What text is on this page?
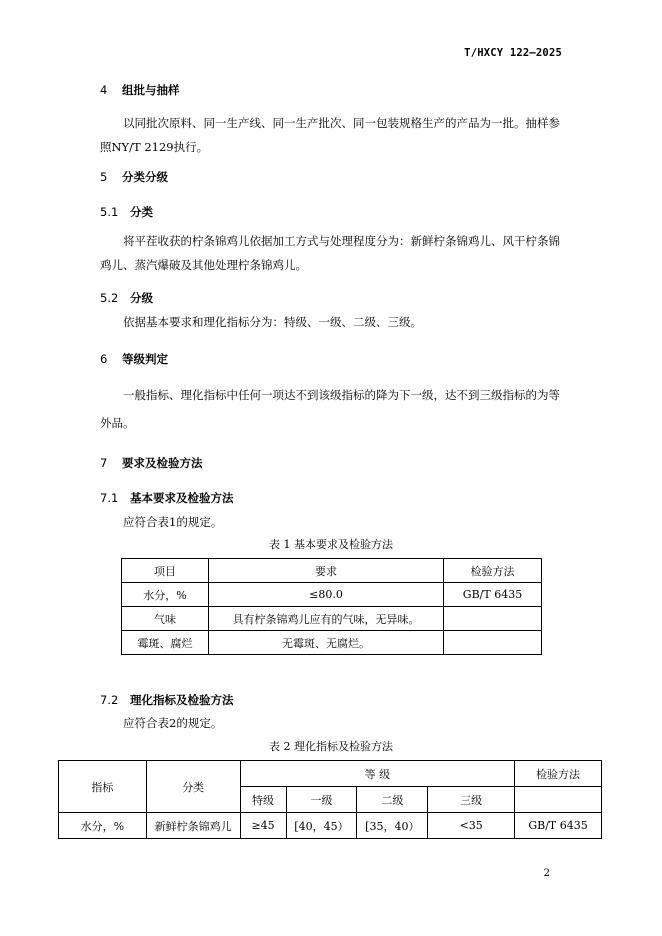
T/HXCY 122—2025
4 组批与抽样
以同批次原料、同一生产线、同一生产批次、同一包装规格生产的产品为一批。抽样参
照NY/T 2129执行。
5 分类分级
5.1 分类
将平茬收获的柠条锦鸡儿依据加工方式与处理程度分为：新鲜柠条锦鸡儿、风干柠条锦
鸡儿、蒸汽爆破及其他处理柠条锦鸡儿。
5.2 分级
依据基本要求和理化指标分为：特级、一级、二级、三级。
6 等级判定
一般指标、理化指标中任何一项达不到该级指标的降为下一级，达不到三级指标的为等
外品。
7 要求及检验方法
7.1 基本要求及检验方法
应符合表1的规定。
表 1 基本要求及检验方法
项目	要求	检验方法
水分，%	≤80.0	GB/T 6435
气味	具有柠条锦鸡儿应有的气味，无异味。	
霉斑、腐烂	无霉斑、无腐烂。	
7.2 理化指标及检验方法
应符合表2的规定。
表 2 理化指标及检验方法
指标	分类	等 级				检验方法
		特级	一级	二级	三级	
水分，%	新鲜柠条锦鸡儿	≥45	[40，45）	[35，40）	<35	GB/T 6435
2
